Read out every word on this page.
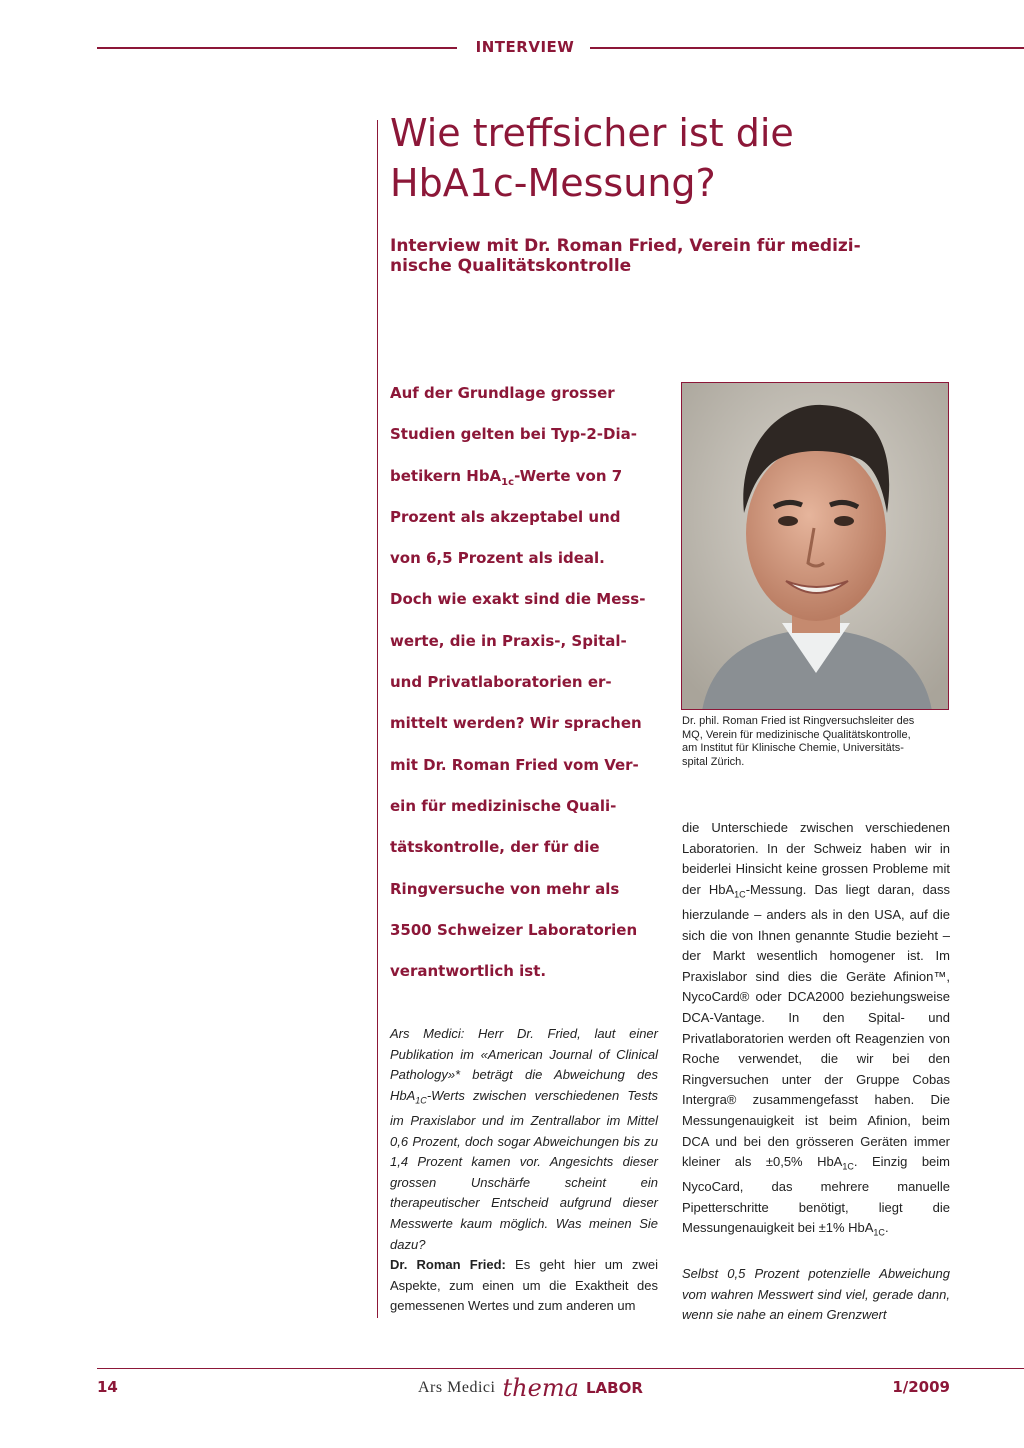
INTERVIEW
Wie treffsicher ist die
HbA1c-Messung?

Interview mit Dr. Roman Fried, Verein für medizi-
nische Qualitätskontrolle

Auf der Grundlage grosser
Studien gelten bei Typ-2-Dia-
betikern HbA$_{1c}$-Werte von 7
Prozent als akzeptabel und
von 6,5 Prozent als ideal.
Doch wie exakt sind die Mess-
werte, die in Praxis-, Spital-
und Privatlaboratorien er-
mittelt werden? Wir sprachen
mit Dr. Roman Fried vom Ver-
ein für medizinische Quali-
tätskontrolle, der für die
Ringversuche von mehr als
3500 Schweizer Laboratorien
verantwortlich ist.
Dr. phil. Roman Fried ist Ringversuchsleiter des
MQ, Verein für medizinische Qualitätskontrolle,
am Institut für Klinische Chemie, Universitäts-
spital Zürich.

Ars Medici: Herr Dr. Fried, laut einer Publikation im «American Journal of Clinical Pathology»* beträgt die Abweichung des HbA$_{1C}$-Werts zwischen verschiedenen Tests im Praxislabor und im Zentrallabor im Mittel 0,6 Prozent, doch sogar Abweichungen bis zu 1,4 Prozent kamen vor. Angesichts dieser grossen Unschärfe scheint ein therapeutischer Entscheid aufgrund dieser Messwerte kaum möglich. Was meinen Sie dazu?

Dr. Roman Fried: Es geht hier um zwei Aspekte, zum einen um die Exaktheit des gemessenen Wertes und zum anderen um

die Unterschiede zwischen verschiedenen Laboratorien. In der Schweiz haben wir in beiderlei Hinsicht keine grossen Probleme mit der HbA$_{1C}$-Messung. Das liegt daran, dass hierzulande – anders als in den USA, auf die sich die von Ihnen genannte Studie bezieht – der Markt wesentlich homogener ist. Im Praxislabor sind dies die Geräte Afinion™, NycoCard® oder DCA2000 beziehungsweise DCA-Vantage. In den Spital- und Privatlaboratorien werden oft Reagenzien von Roche verwendet, die wir bei den Ringversuchen unter der Gruppe Cobas Intergra® zusammengefasst haben. Die Messungenauigkeit ist beim Afinion, beim DCA und bei den grösseren Geräten immer kleiner als ±0,5% HbA$_{1C}$. Einzig beim NycoCard, das mehrere manuelle Pipetterschritte benötigt, liegt die Messungenauigkeit bei ±1% HbA$_{1C}$.

Selbst 0,5 Prozent potenzielle Abweichung vom wahren Messwert sind viel, gerade dann, wenn sie nahe an einem Grenzwert

14	Ars Medici thema LABOR	1/2009
